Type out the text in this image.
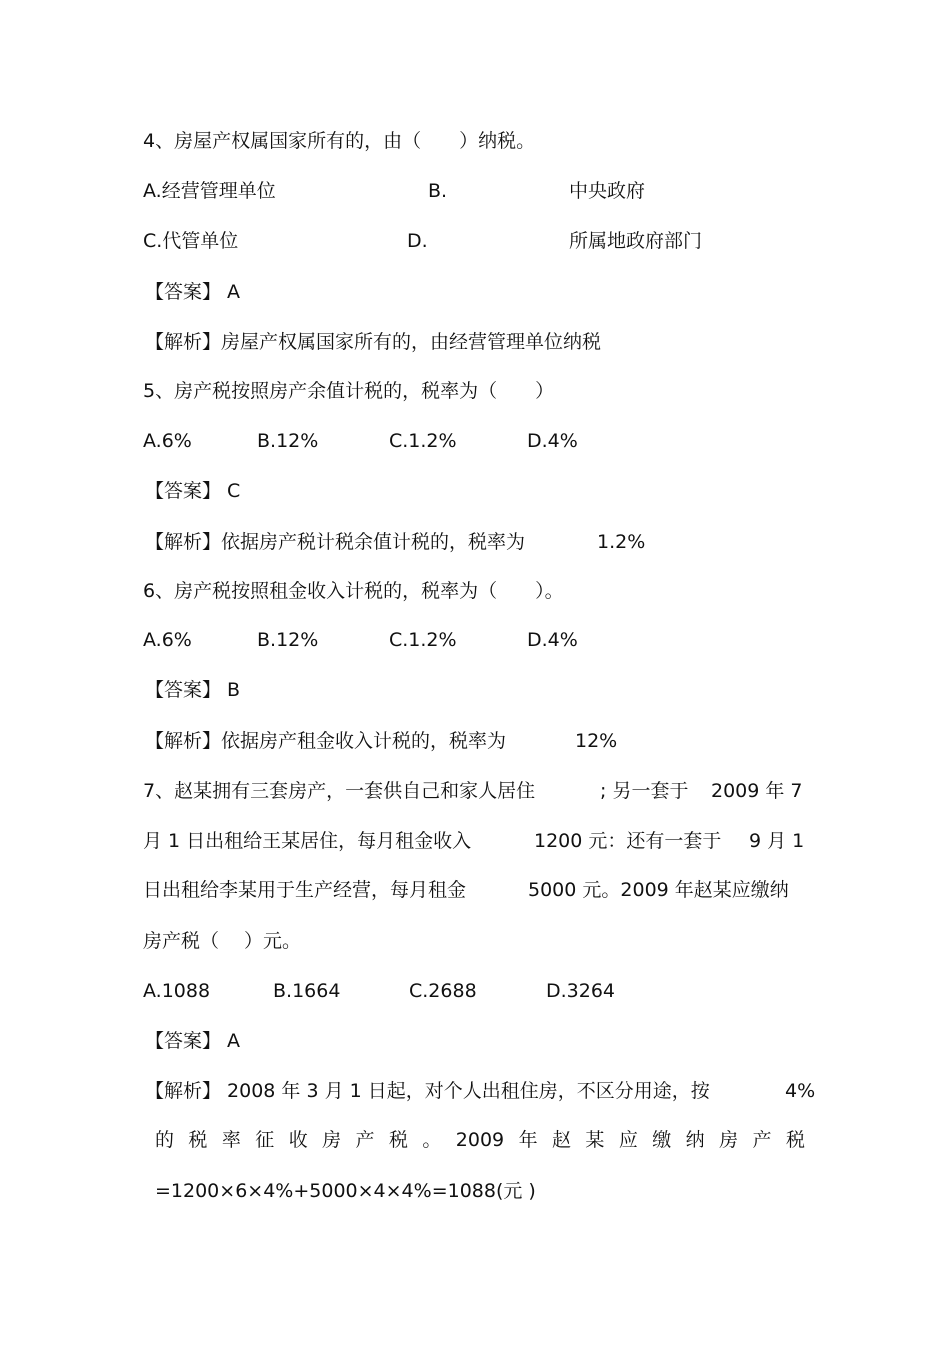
4、房屋产权属国家所有的，由（　　）纳税。
A.经营管理单位	B.	中央政府
C.代管单位	D.	所属地政府部门
【答案】 A
【解析】房屋产权属国家所有的，由经营管理单位纳税
5、房产税按照房产余值计税的，税率为（　　）
A.6%	B.12%	C.1.2%	D.4%
【答案】 C
【解析】依据房产税计税余值计税的，税率为	1.2%
6、房产税按照租金收入计税的，税率为（　　）。
A.6%	B.12%	C.1.2%	D.4%
【答案】 B
【解析】依据房产租金收入计税的，税率为	12%
7、赵某拥有三套房产，一套供自己和家人居住	; 另一套于 2009 年 7
月 1 日出租给王某居住，每月租金收入	1200 元：还有一套于 9 月 1
日出租给李某用于生产经营，每月租金	5000 元。2009 年赵某应缴纳
房产税（　 ）元。
A.1088	B.1664	C.2688	D.3264
【答案】 A
【解析】 2008 年 3 月 1 日起，对个人出租住房，不区分用途，按	4%
的 税 率 征 收 房 产 税 。 2009 年 赵 某 应 缴 纳 房 产 税
=1200×6×4%+5000×4×4%=1088(元 )
